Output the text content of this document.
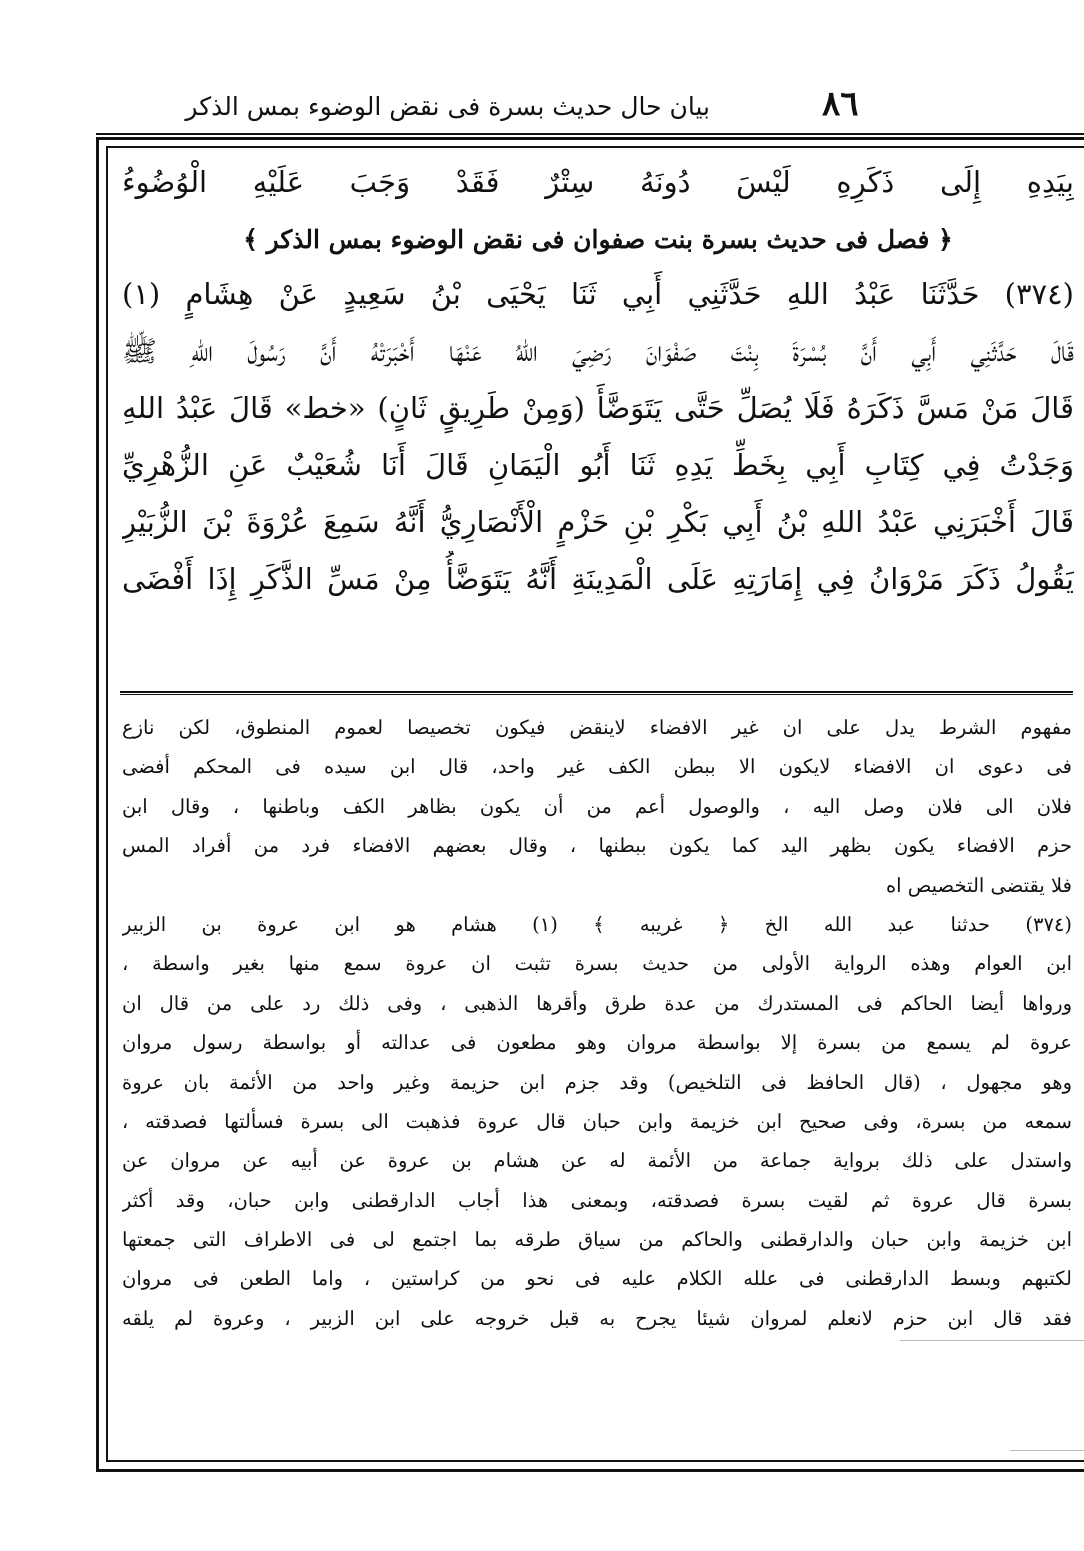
٨٦
بيان حال حديث بسرة فى نقض الوضوء بمس الذكر
بِيَدِهِ إِلَى ذَكَرِهِ لَيْسَ دُونَهُ سِتْرٌ فَقَدْ وَجَبَ عَلَيْهِ الْوُضُوءُ
﴿ فصل فى حديث بسرة بنت صفوان فى نقض الوضوء بمس الذكر ﴾
(٣٧٤) حَدَّثَنَا عَبْدُ اللهِ حَدَّثَنِي أَبِي ثَنَا يَحْيَى بْنُ سَعِيدٍ عَنْ هِشَامٍ (١)
قَالَ حَدَّثَنِي أَبِي أَنَّ بُسْرَةَ بِنْتَ صَفْوَانَ رَضِيَ اللهُ عَنْهَا أَخْبَرَتْهُ أَنَّ رَسُولَ اللهِ ﷺ
قَالَ مَنْ مَسَّ ذَكَرَهُ فَلَا يُصَلِّ حَتَّى يَتَوَضَّأَ (وَمِنْ طَرِيقٍ ثَانٍ) «خط» قَالَ عَبْدُ اللهِ
وَجَدْتُ فِي كِتَابِ أَبِي بِخَطِّ يَدِهِ ثَنَا أَبُو الْيَمَانِ قَالَ أَنَا شُعَيْبٌ عَنِ الزُّهْرِيِّ
قَالَ أَخْبَرَنِي عَبْدُ اللهِ بْنُ أَبِي بَكْرِ بْنِ حَزْمٍ الْأَنْصَارِيُّ أَنَّهُ سَمِعَ عُرْوَةَ بْنَ الزُّبَيْرِ
يَقُولُ ذَكَرَ مَرْوَانُ فِي إِمَارَتِهِ عَلَى الْمَدِينَةِ أَنَّهُ يَتَوَضَّأُ مِنْ مَسِّ الذَّكَرِ إِذَا أَفْضَى
مفهوم الشرط يدل على ان غير الافضاء لاينقض فيكون تخصيصا لعموم المنطوق، لكن نازع
فى دعوى ان الافضاء لايكون الا ببطن الكف غير واحد، قال ابن سيده فى المحكم أفضى
فلان الى فلان وصل اليه ، والوصول أعم من أن يكون بظاهر الكف وباطنها ، وقال ابن
حزم الافضاء يكون بظهر اليد كما يكون ببطنها ، وقال بعضهم الافضاء فرد من أفراد المس
فلا يقتضى التخصيص اه
(٣٧٤) حدثنا عبد الله الخ ﴿ غريبه ﴾ (١) هشام هو ابن عروة بن الزبير
ابن العوام وهذه الرواية الأولى من حديث بسرة تثبت ان عروة سمع منها بغير واسطة ،
ورواها أيضا الحاكم فى المستدرك من عدة طرق وأقرها الذهبى ، وفى ذلك رد على من قال ان
عروة لم يسمع من بسرة إلا بواسطة مروان وهو مطعون فى عدالته أو بواسطة رسول مروان
وهو مجهول ، (قال الحافظ فى التلخيص) وقد جزم ابن حزيمة وغير واحد من الأئمة بان عروة
سمعه من بسرة، وفى صحيح ابن خزيمة وابن حبان قال عروة فذهبت الى بسرة فسألتها فصدقته ،
واستدل على ذلك برواية جماعة من الأئمة له عن هشام بن عروة عن أبيه عن مروان عن
بسرة قال عروة ثم لقيت بسرة فصدقته، وبمعنى هذا أجاب الدارقطنى وابن حبان، وقد أكثر
ابن خزيمة وابن حبان والدارقطنى والحاكم من سياق طرقه بما اجتمع لى فى الاطراف التى جمعتها
لكتبهم وبسط الدارقطنى فى علله الكلام عليه فى نحو من كراستين ، واما الطعن فى مروان
فقد قال ابن حزم لانعلم لمروان شيئا يجرح به قبل خروجه على ابن الزبير ، وعروة لم يلقه
